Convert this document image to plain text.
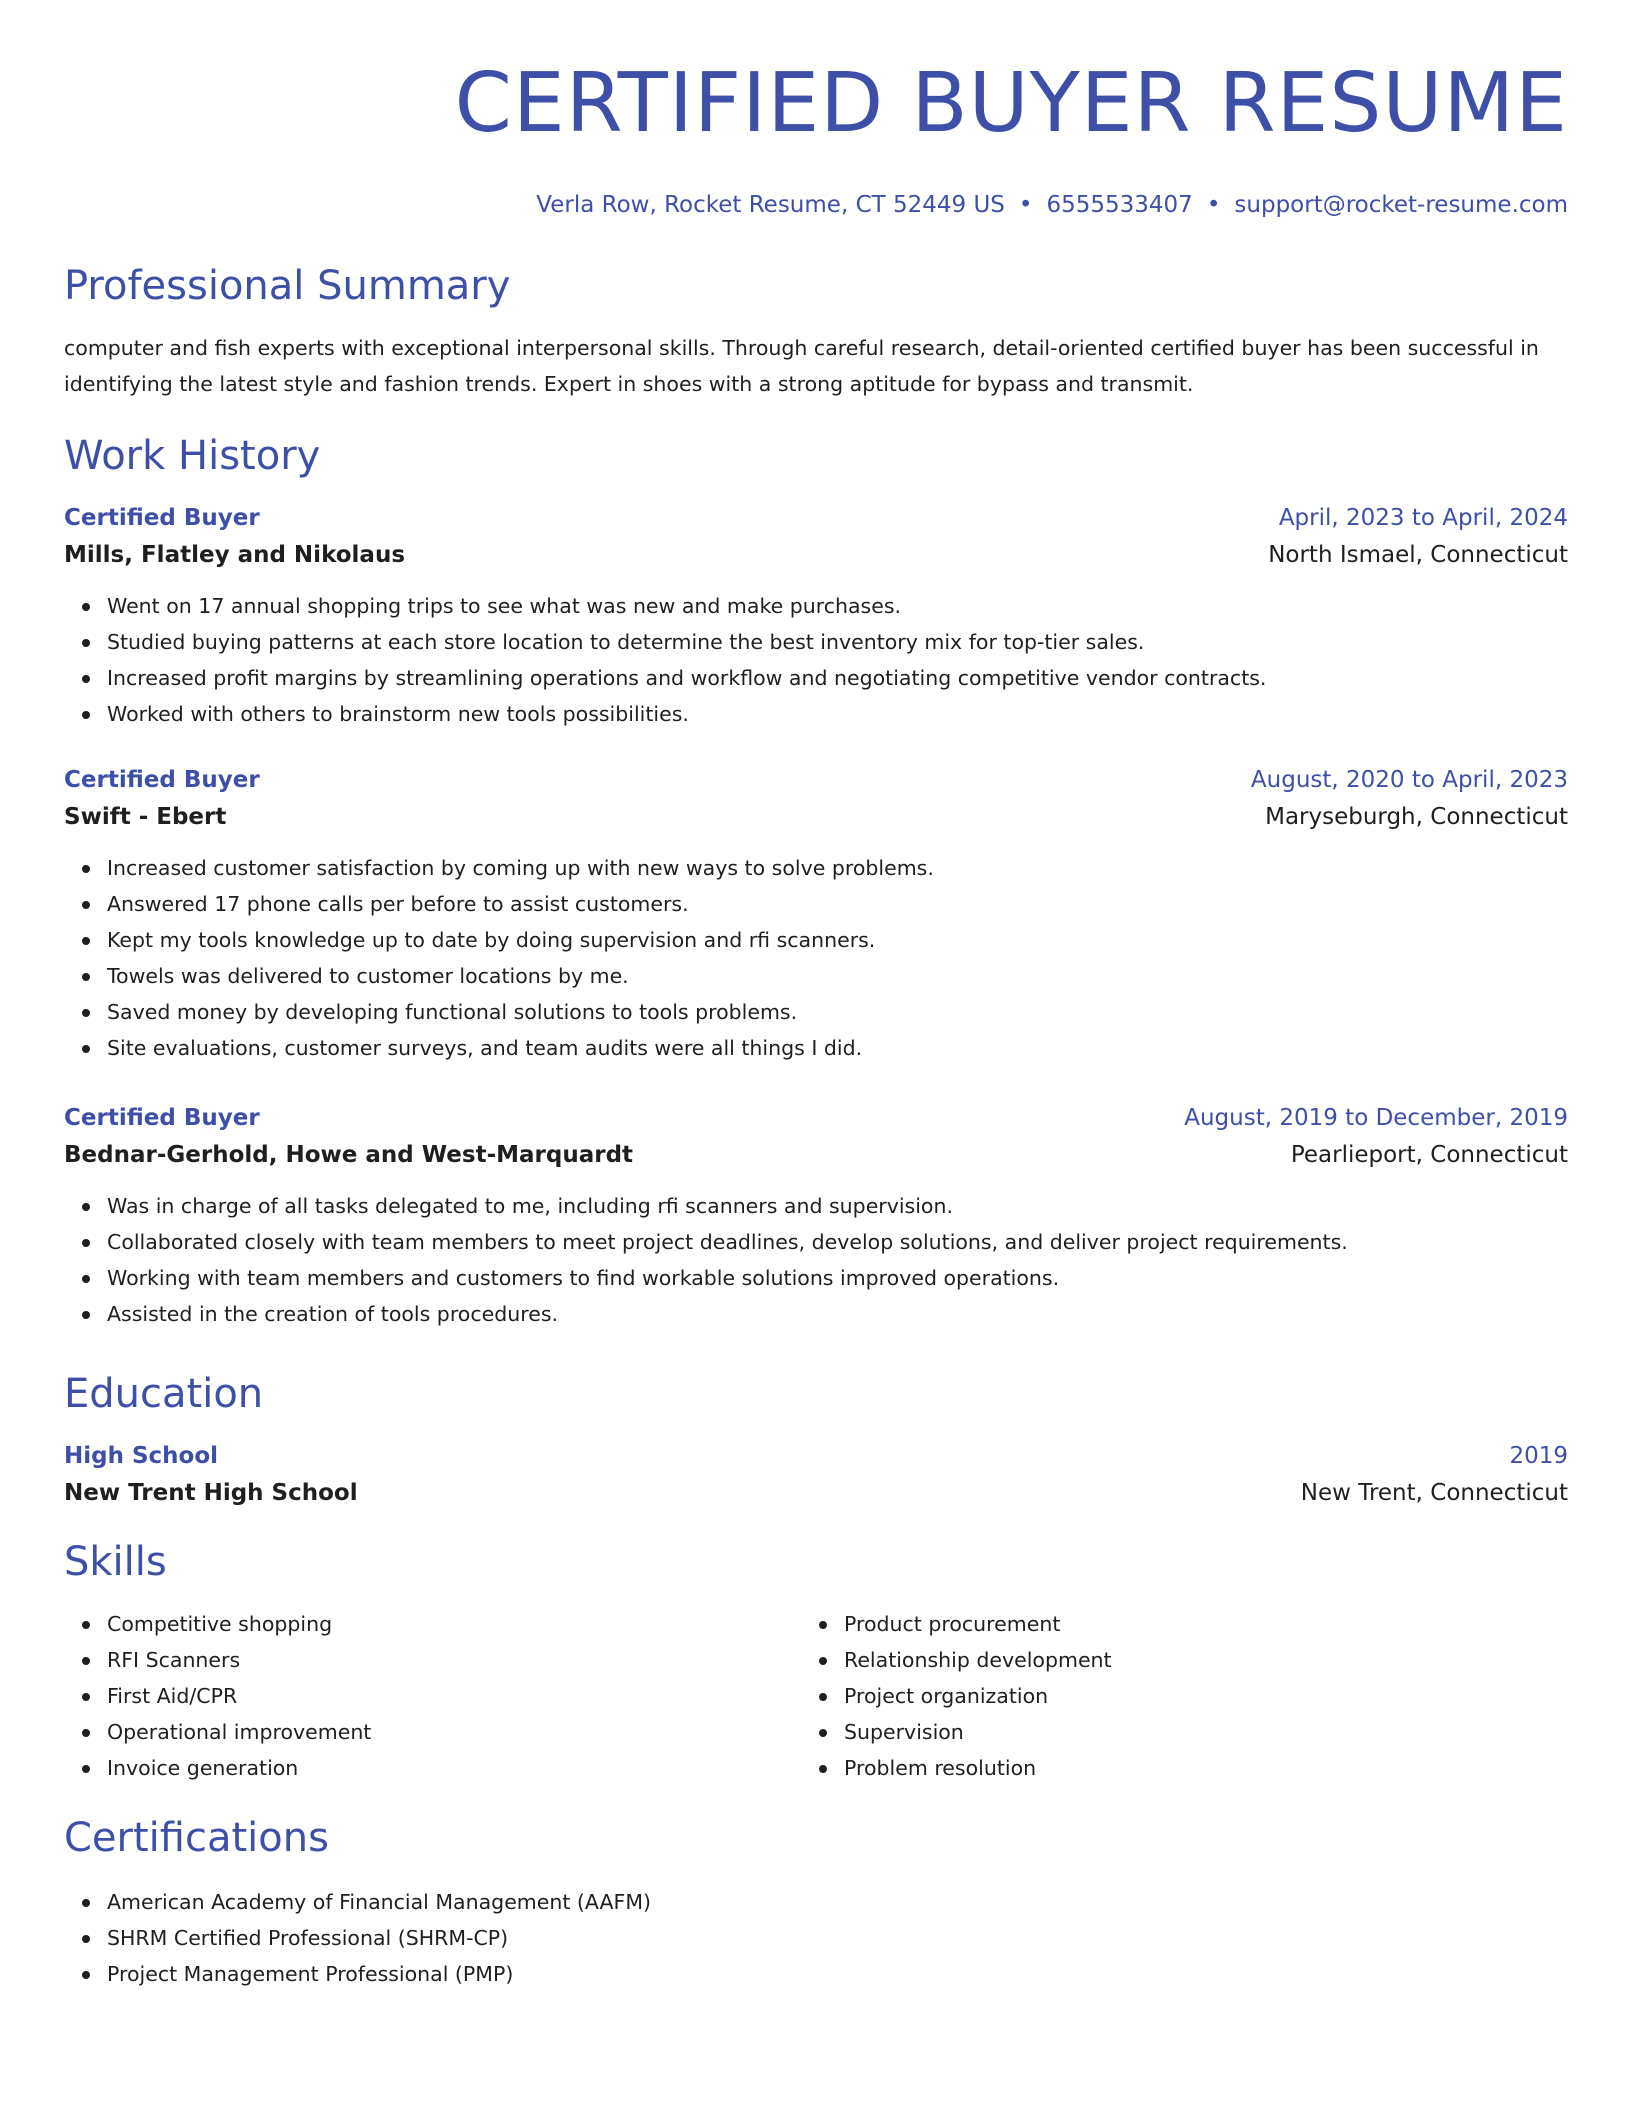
CERTIFIED BUYER RESUME
Verla Row, Rocket Resume, CT 52449 US • 6555533407 • support@rocket-resume.com
Professional Summary
computer and fish experts with exceptional interpersonal skills. Through careful research, detail-oriented certified buyer has been successful in identifying the latest style and fashion trends. Expert in shoes with a strong aptitude for bypass and transmit.
Work History
Certified Buyer	April, 2023 to April, 2024
Mills, Flatley and Nikolaus	North Ismael, Connecticut
Went on 17 annual shopping trips to see what was new and make purchases.
Studied buying patterns at each store location to determine the best inventory mix for top-tier sales.
Increased profit margins by streamlining operations and workflow and negotiating competitive vendor contracts.
Worked with others to brainstorm new tools possibilities.
Certified Buyer	August, 2020 to April, 2023
Swift - Ebert	Maryseburgh, Connecticut
Increased customer satisfaction by coming up with new ways to solve problems.
Answered 17 phone calls per before to assist customers.
Kept my tools knowledge up to date by doing supervision and rfi scanners.
Towels was delivered to customer locations by me.
Saved money by developing functional solutions to tools problems.
Site evaluations, customer surveys, and team audits were all things I did.
Certified Buyer	August, 2019 to December, 2019
Bednar-Gerhold, Howe and West-Marquardt	Pearlieport, Connecticut
Was in charge of all tasks delegated to me, including rfi scanners and supervision.
Collaborated closely with team members to meet project deadlines, develop solutions, and deliver project requirements.
Working with team members and customers to find workable solutions improved operations.
Assisted in the creation of tools procedures.
Education
High School	2019
New Trent High School	New Trent, Connecticut
Skills
Competitive shopping
RFI Scanners
First Aid/CPR
Operational improvement
Invoice generation
Product procurement
Relationship development
Project organization
Supervision
Problem resolution
Certifications
American Academy of Financial Management (AAFM)
SHRM Certified Professional (SHRM-CP)
Project Management Professional (PMP)
